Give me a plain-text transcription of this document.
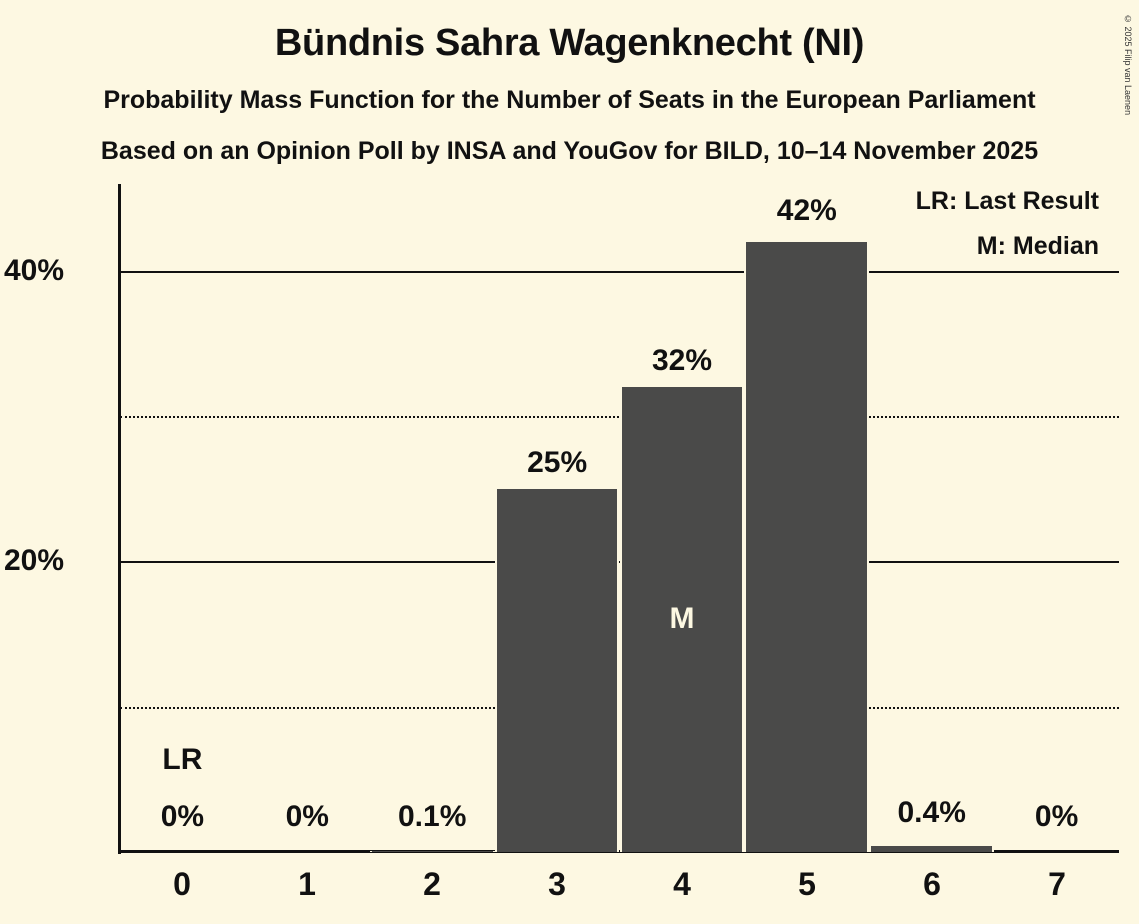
Bündnis Sahra Wagenknecht (NI)
Probability Mass Function for the Number of Seats in the European Parliament
Based on an Opinion Poll by INSA and YouGov for BILD, 10–14 November 2025
© 2025 Filip van Laenen
40%
20%
0%	0% 0.1%
25%
32%
42%
0.4% 0%
LR
M
LR: Last Result
M: Median
0	1	2	3	4	5	6	7
